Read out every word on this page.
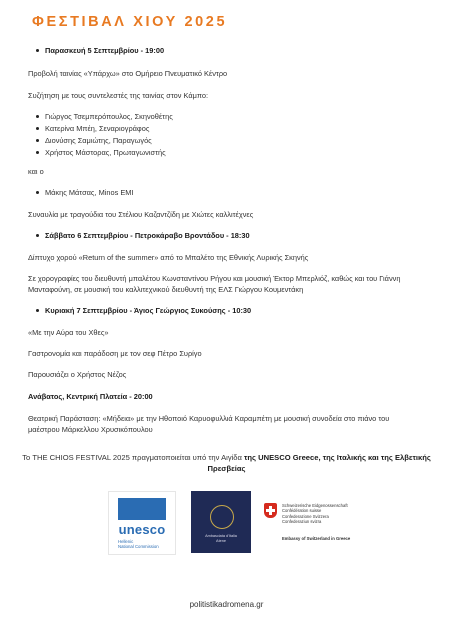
ΦΕΣΤΙΒΑΛ ΧΙΟΥ 2025
Παρασκευή 5 Σεπτεμβρίου - 19:00
Προβολή ταινίας «Υπάρχω» στο Ομήρειο Πνευματικό Κέντρο
Συζήτηση με τους συντελεστές της ταινίας στον Κάμπο:
Γιώργος Τσεμπερόπουλος, Σκηνοθέτης
Κατερίνα Μπέη, Σεναριογράφος
Διονύσης Σαμιώτης, Παραγωγός
Χρήστος Μάστορας, Πρωταγωνιστής
και ο
Μάκης Μάτσας, Minos EMI
Συναυλία με τραγούδια του Στέλιου Καζαντζίδη με Χιώτες καλλιτέχνες
Σάββατο 6 Σεπτεμβρίου - Πετροκάραβο Βροντάδου - 18:30
Δίπτυχο χορού «Return of the summer» από το Μπαλέτο της Εθνικής Λυρικής Σκηνής
Σε χορογραφίες του διευθυντή μπαλέτου Κωνσταντίνου Ρήγου και μουσική Έκτορ Μπερλιόζ, καθώς και του Γιάννη Μανταφούνη, σε μουσική του καλλιτεχνικού διευθυντή της ΕΛΣ Γιώργου Κουμεντάκη
Κυριακή 7 Σεπτεμβρίου - Άγιος Γεώργιος Συκούσης - 10:30
«Με την Αύρα του Χθες»
Γαστρονομία και παράδοση με τον σεφ Πέτρο Συρίγο
Παρουσιάζει ο Χρήστος Νέζος
Ανάβατος, Κεντρική Πλατεία - 20:00
Θεατρική Παράσταση: «Μήδεια» με την Ηθοποιό Καρυοφυλλιά Καραμπέτη με μουσική συνοδεία στο πιάνο του μαέστρου Μάρκελλου Χρυσικόπουλου
Το THE CHIOS FESTIVAL 2025 πραγματοποιείται υπό την Αιγίδα της UNESCO Greece, της Ιταλικής και της Ελβετικής Πρεσβείας
unesco
Hellenic
National Commission
Ambasciata d'Italia
Atene
Schweizerische Eidgenossenschaft
Confédération suisse
Confederazione Svizzera
Confederaziun svizra
Embassy of Switzerland in Greece
politistikadromena.gr
